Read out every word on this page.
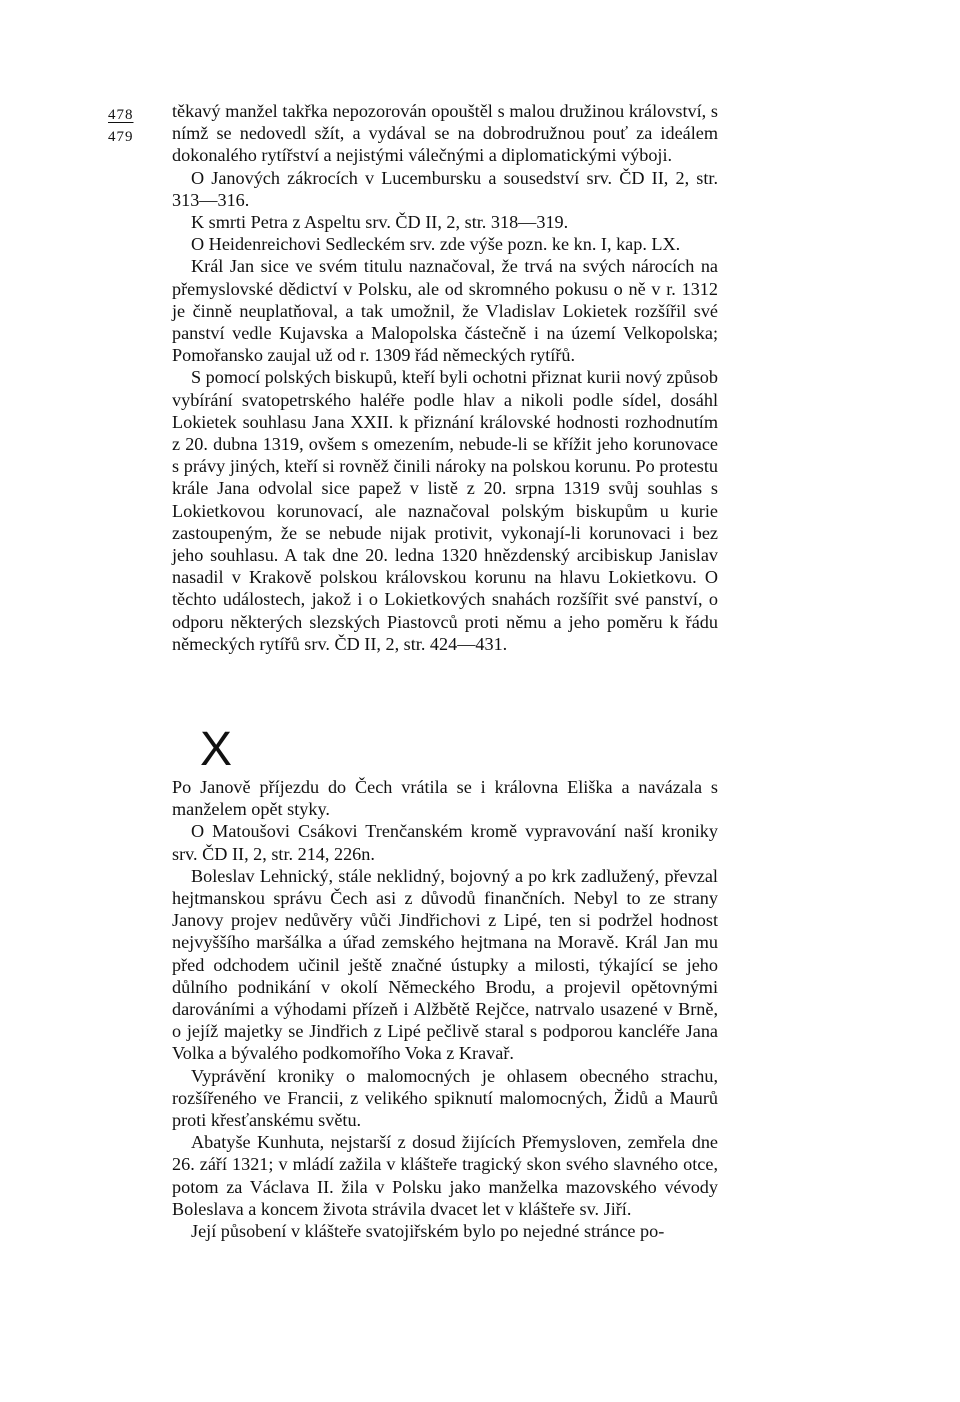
478
479

těkavý manžel takřka nepozorován opouštěl s malou družinou království, s nímž se nedovedl sžít, a vydával se na dobrodružnou pouť za ideálem dokonalého rytířství a nejistými válečnými a diplomatickými výboji.

O Janových zákrocích v Lucembursku a sousedství srv. ČD II, 2, str. 313—316.

K smrti Petra z Aspeltu srv. ČD II, 2, str. 318—319.

O Heidenreichovi Sedleckém srv. zde výše pozn. ke kn. I, kap. LX.

Král Jan sice ve svém titulu naznačoval, že trvá na svých nárocích na přemyslovské dědictví v Polsku, ale od skromného pokusu o ně v r. 1312 je činně neuplatňoval, a tak umožnil, že Vladislav Lokietek rozšířil své panství vedle Kujavska a Malopolska částečně i na území Velkopolska; Pomořansko zaujal už od r. 1309 řád německých rytířů.

S pomocí polských biskupů, kteří byli ochotni přiznat kurii nový způsob vybírání svatopetrského haléře podle hlav a nikoli podle sídel, dosáhl Lokietek souhlasu Jana XXII. k přiznání královské hodnosti rozhodnutím z 20. dubna 1319, ovšem s omezením, nebude-li se křížit jeho korunovace s právy jiných, kteří si rovněž činili nároky na polskou korunu. Po protestu krále Jana odvolal sice papež v listě z 20. srpna 1319 svůj souhlas s Lokietkovou korunovací, ale naznačoval polským biskupům u kurie zastoupeným, že se nebude nijak protivit, vykonají-li korunovaci i bez jeho souhlasu. A tak dne 20. ledna 1320 hnězdenský arcibiskup Janislav nasadil v Krakově polskou královskou korunu na hlavu Lokietkovu. O těchto událostech, jakož i o Lokietkových snahách rozšířit své panství, o odporu některých slezských Piastovců proti němu a jeho poměru k řádu německých rytířů srv. ČD II, 2, str. 424—431.

X

Po Janově příjezdu do Čech vrátila se i královna Eliška a navázala s manželem opět styky.

O Matoušovi Csákovi Trenčanském kromě vypravování naší kroniky srv. ČD II, 2, str. 214, 226n.

Boleslav Lehnický, stále neklidný, bojovný a po krk zadlužený, převzal hejtmanskou správu Čech asi z důvodů finančních. Nebyl to ze strany Janovy projev nedůvěry vůči Jindřichovi z Lipé, ten si podržel hodnost nejvyššího maršálka a úřad zemského hejtmana na Moravě. Král Jan mu před odchodem učinil ještě značné ústupky a milosti, týkající se jeho důlního podnikání v okolí Německého Brodu, a projevil opětovnými darováními a výhodami přízeň i Alžbětě Rejčce, natrvalo usazené v Brně, o jejíž majetky se Jindřich z Lipé pečlivě staral s podporou kancléře Jana Volka a bývalého podkomořího Voka z Kravař.

Vyprávění kroniky o malomocných je ohlasem obecného strachu, rozšířeného ve Francii, z velikého spiknutí malomocných, Židů a Maurů proti křesťanskému světu.

Abatyše Kunhuta, nejstarší z dosud žijících Přemysloven, zemřela dne 26. září 1321; v mládí zažila v klášteře tragický skon svého slavného otce, potom za Václava II. žila v Polsku jako manželka mazovského vévody Boleslava a koncem života strávila dvacet let v klášteře sv. Jiří.

Její působení v klášteře svatojiřském bylo po nejedné stránce po-
